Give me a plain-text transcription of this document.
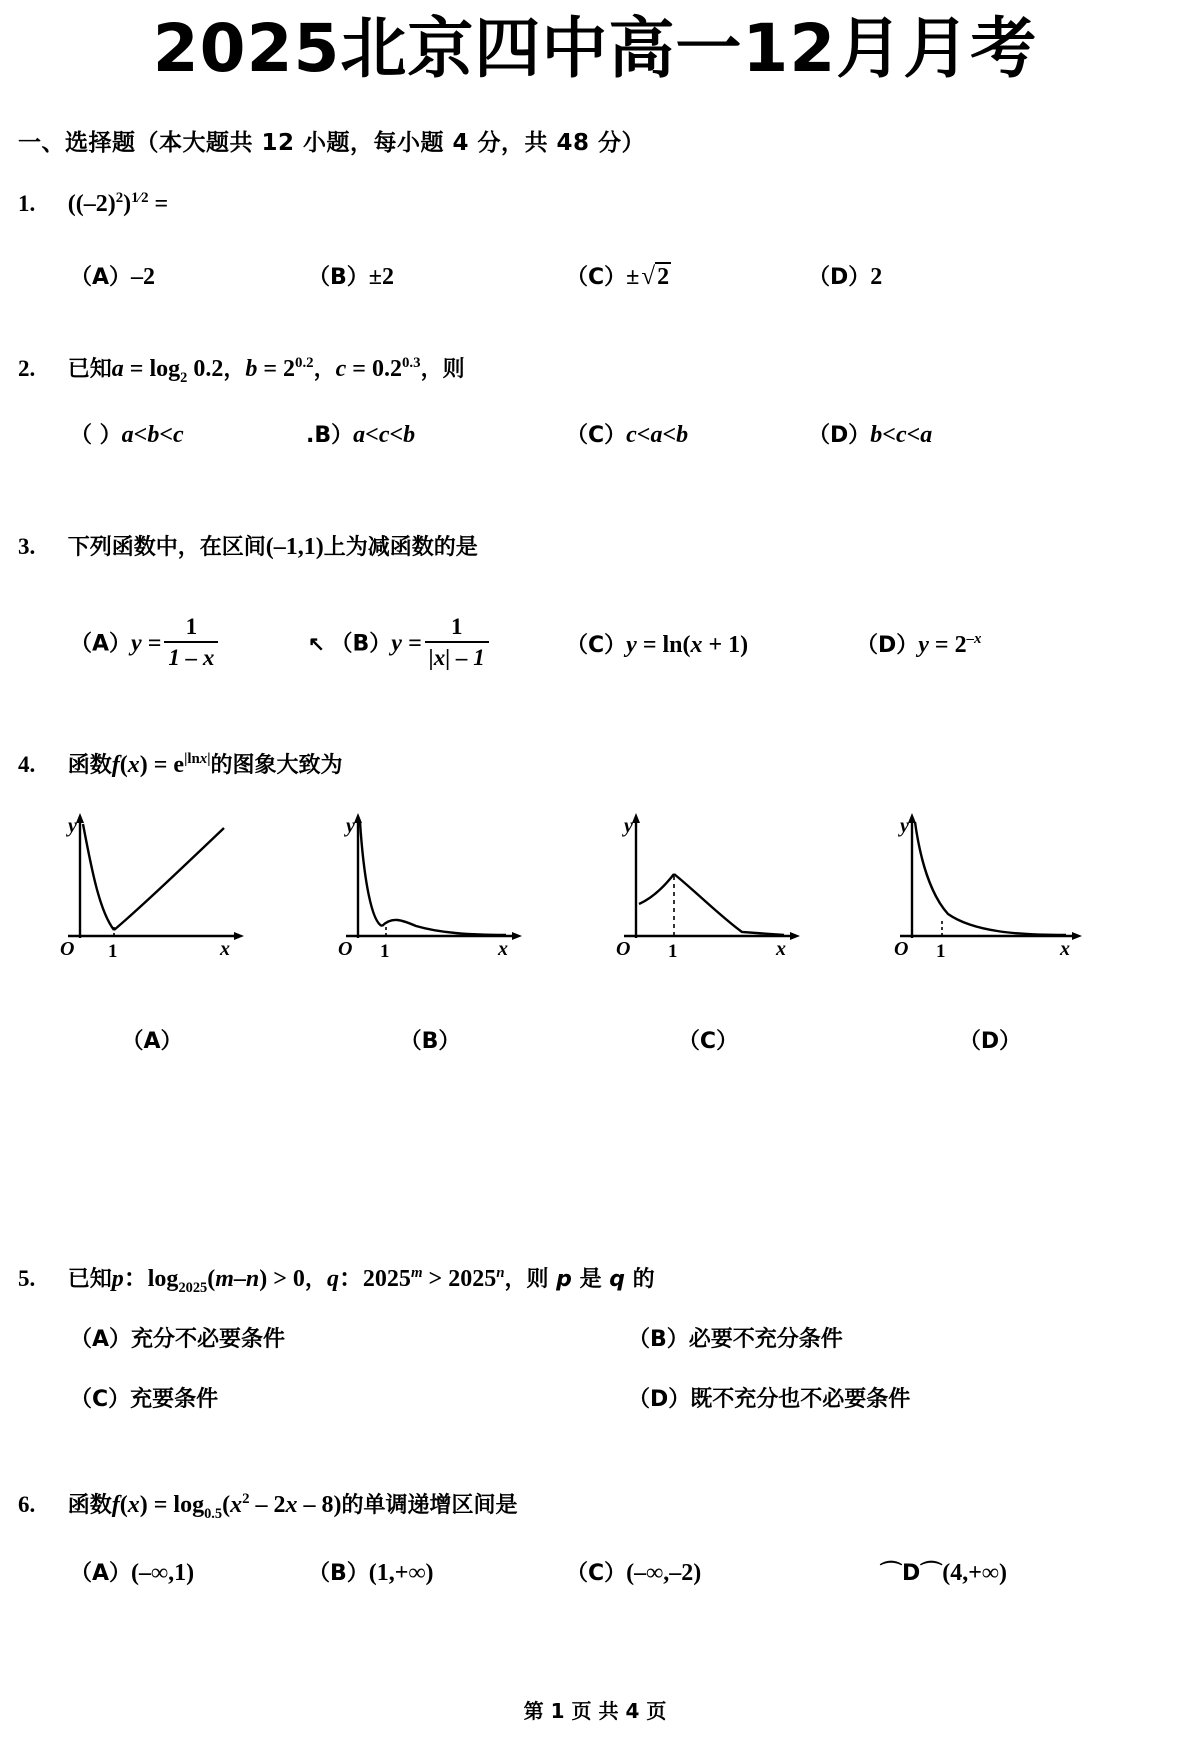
2025北京四中高一12月月考
一、选择题（本大题共 12 小题，每小题 4 分，共 48 分）
1. $((-2)^2)^{1⁄2}$ =
（A）–2	（B）±2	（C）±√2	（D）2
2. 已知$a = \log_2 0.2$，$b = 2^{0.2}$，$c = 0.2^{0.3}$，则
（ ）a<b<c	.B）a<c<b	（C）c<a<b	（D）b<c<a
3. 下列函数中，在区间(–1,1)上为减函数的是
$(A)y = \frac{1}{1 - x}$	↖ $(B)y = \frac{1}{|x| - 1}$	（C）y = ln(x + 1)	$(D)y = 2^{-x}$
4. 函数$f(x) = e^{|lnx|}$的图象大致为
y
O 1	x
（A）
y
O 1	x
（B）
y
O 1	x
（C）
y
O 1	x
（D）
5. 已知p：$\log_{2025}(m-n) > 0$，q：$2025^m > 2025^n$，则 p 是 q 的
（A）充分不必要条件	（B）必要不充分条件
（C）充要条件	（D）既不充分也不必要条件
6. 函数$f(x) = \log_{0.5}(x^2 - 2x - 8)$的单调递增区间是
（A）(–∞,1)	（B）(1,+∞)	（C）(–∞,–2)	⌒D⌒(4,+∞)
第 1 页 共 4 页
